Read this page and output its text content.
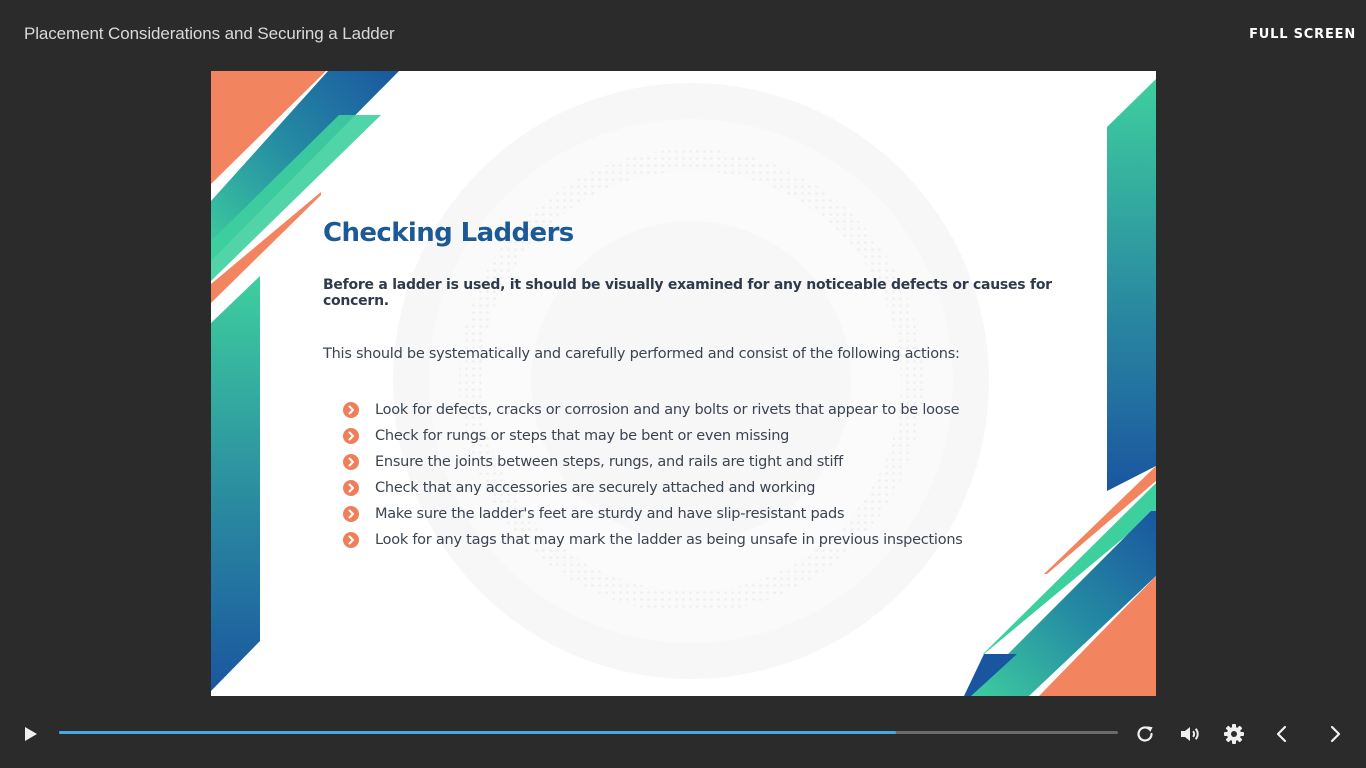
Placement Considerations and Securing a Ladder	FULL SCREEN
Checking Ladders
Before a ladder is used, it should be visually examined for any noticeable defects or causes for concern.
This should be systematically and carefully performed and consist of the following actions:
Look for defects, cracks or corrosion and any bolts or rivets that appear to be loose
Check for rungs or steps that may be bent or even missing
Ensure the joints between steps, rungs, and rails are tight and stiff
Check that any accessories are securely attached and working
Make sure the ladder's feet are sturdy and have slip-resistant pads
Look for any tags that may mark the ladder as being unsafe in previous inspections
